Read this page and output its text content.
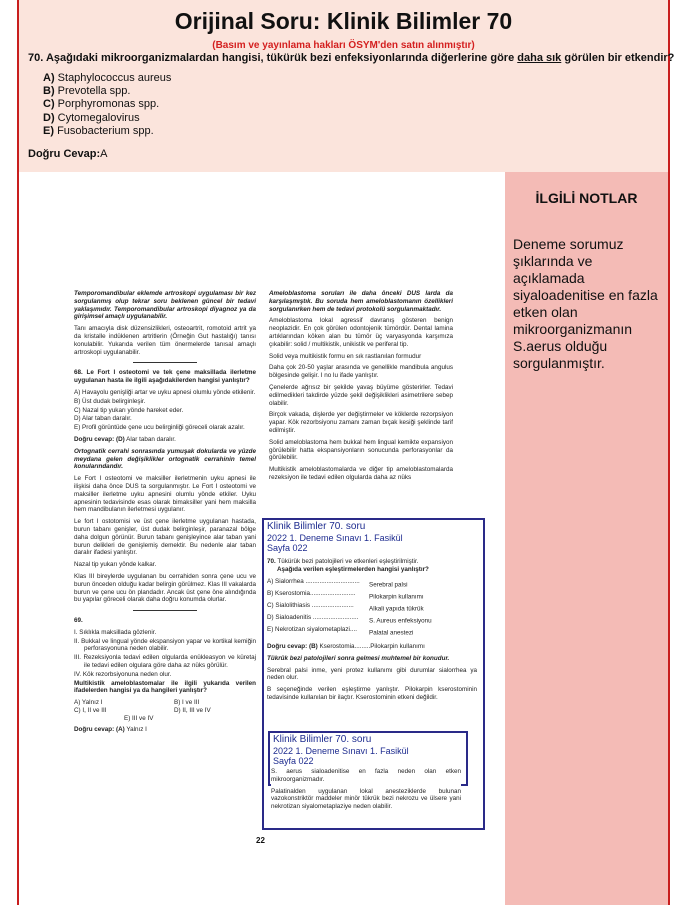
Orijinal Soru: Klinik Bilimler 70
(Basım ve yayınlama hakları ÖSYM'den satın alınmıştır)
70. Aşağıdaki mikroorganizmalardan hangisi, tükürük bezi enfeksiyonlarında diğerlerine göre daha sık görülen bir etkendir?
A) Staphylococcus aureus
B) Prevotella spp.
C) Porphyromonas spp.
D) Cytomegalovirus
E) Fusobacterium spp.
Doğru Cevap:A
İLGİLİ NOTLAR
Deneme sorumuz şıklarında ve açıklamada siyaloadenitise en fazla etken olan mikroorganizmanın S.aerus olduğu sorgulanmıştır.

Temporomandibular eklemde artroskopi uygulaması bir kez sorgulanmış olup tekrar soru beklenen güncel bir tedavi yaklaşımıdır. Temporomandibular artroskopi diyagnoz ya da girişimsel amaçlı uygulanabilir.

Tanı amacıyla disk düzensizlikleri, osteoartrit, romotoid artrit ya da kristalle indüklenen artritlerin (Örneğin Gut hastalığı) tanısı konulabilir. Yukarıda verilen tüm önermelerde tanısal amaçlı artroskopi uygulanabilir.

68. Le Fort I osteotomi ve tek çene maksillada ilerletme uygulanan hasta ile ilgili aşağıdakilerden hangisi yanlıştır?

A) Havayolu genişliği artar ve uyku apnesi olumlu yönde etkilenir.

B) Üst dudak belirginleşir.

C) Nazal tip yukarı yönde hareket eder.

D) Alar taban daralır.

E) Profil görüntüde çene ucu belirginliği göreceli olarak azalır.

Doğru cevap: (D) Alar taban daralır.

Ortognatik cerrahi sonrasında yumuşak dokularda ve yüzde meydana gelen değişiklikler ortognatik cerrahinin temel konularındandır.

Le Fort I osteotomi ve maksiller ilerletmenin uyku apnesi ile ilişkisi daha önce DUS ta sorgulanmıştır. Le Fort I osteotomi ve maksiller ilerletme uyku apnesini olumlu yönde etkiler. Uyku apnesinin tedavisinde esas olarak bimaksiller yani hem maksilla hem mandibulanın ilerletmesi uygulanır.

Le fort I ostotomisi ve üst çene ilerletme uygulanan hastada, burun tabanı genişler, üst dudak belirginleşir, paranazal bölge daha dolgun görünür. Burun tabanı genişleyince alar taban yani burun delikleri de genişlemiş demektir. Bu nedenle alar taban daralır ifadesi yanlıştır.

Nazal tip yukarı yönde kalkar.

Klas III bireylerde uygulanan bu cerrahiden sonra çene ucu ve burun önceden olduğu kadar belirgin görülmez. Klas III vakalarda burun ve çene ucu ön plandadır. Ancak üst çene öne alındığında bu yapılar göreceli olarak daha doğru konumda olurlar.

69.

I. Sıklıkla maksillada gözlenir.

II. Bukkal ve lingual yönde ekspansiyon yapar ve kortikal kemiğin perforasyonuna neden olabilir.

III. Rezeksiyonla tedavi edilen olgularda enükleasyon ve küretaj ile tedavi edilen olgulara göre daha az nüks görülür.

IV. Kök rezorbsiyonuna neden olur.

Multikistik ameloblastomalar ile ilgili yukarıda verilen ifadelerden hangisi ya da hangileri yanlıştır?

A) Yalnız I	B) I ve III
C) I, II ve III	D) II, III ve IV
E) III ve IV

Doğru cevap: (A) Yalnız I

22

Ameloblastoma soruları ile daha önceki DUS larda da karşılaşmıştık. Bu soruda hem ameloblastomanın özellikleri sorgulanırken hem de tedavi protokolü sorgulanmaktadır.

Ameloblastoma lokal agressif davranış gösteren benign neoplazidir. En çok görülen odontojenik tümördür. Dental lamina artıklarından köken alan bu tümör üç varyasyonda karşımıza çıkabilir: solid / multikistik, unikistik ve periferal tip.

Solid veya multikistik formu en sık rastlanılan formudur

Daha çok 20-50 yaşlar arasında ve genellikle mandibula angulus bölgesinde gelişir. I no lu ifade yanlıştır.

Çenelerde ağrısız bir şekilde yavaş büyüme gösterirler. Tedavi edilmedikleri takdirde yüzde şekil değişiklikleri asimetrilere sebep olabilir.

Birçok vakada, dişlerde yer değiştirmeler ve köklerde rezorpsiyon yapar. Kök rezorbsiyonu zamanı zaman bıçak kesiği şeklinde tarif edilmiştir.

Solid ameloblastoma hem bukkal hem lingual kemikte expansiyon görülebilir hatta ekspansiyonların sonucunda perforasyonlar da görülebilir.

Multikistik ameloblastomalarda ve diğer tip ameloblastomalarda rezeksiyon ile tedavi edilen olgularda daha az nüks

Klinik Bilimler 70. soru
2022 1. Deneme Sınavı 1. Fasikül
Sayfa 022

70. Tükürük bezi patolojileri ve etkenleri eşleştirilmiştir.

Aşağıda verilen eşleştirmelerden hangisi yanlıştır?

A) Sialorrhea ............................... Serebral palsi
B) Kserostomia.......................... Pilokarpin kullanımı
C) Sialolithiasis ........................ Alkali yapıda tükrük
D) Sialoadenitis .......................... S. Aureus enfeksiyonu
E) Nekrotizan siyalometaplazi.... Palatal anestezi

Doğru cevap: (B) Kserostomia.........Pilokarpin kullanımı

Tükrük bezi patolojileri sonra gelmesi muhtemel bir konudur.

Serebral palsi inme, yeni protez kullanımı gibi durumlar sialorrhea ya neden olur.

B seçeneğinde verilen eşleştirme yanlıştır. Pilokarpin kserostominin tedavisinde kullanılan bir ilaçtır. Kserostominin etkeni değildir.

Klinik Bilimler 70. soru
2022 1. Deneme Sınavı 1. Fasikül
Sayfa 022

S. aerus sialoadenitise en fazla neden olan etken mikroorganizmadır.

Palatinalden uygulanan lokal anesteziklerde bulunan vazokonstriktör maddeler minör tükrük bezi nekrozu ve ülsere yani nekrotizan siyalometaplaziye neden olabilir.
